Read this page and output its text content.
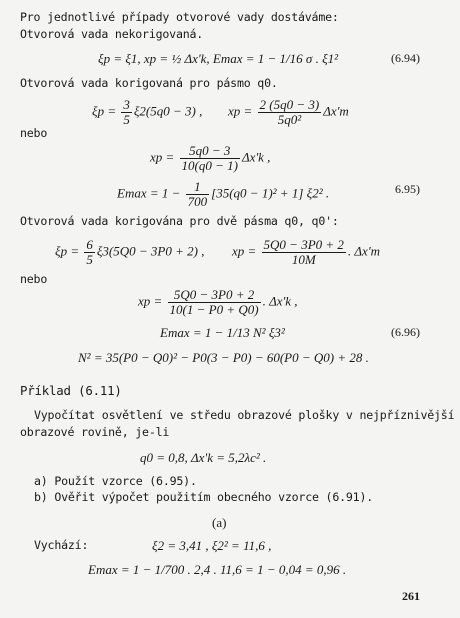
Pro jednotlivé případy otvorové vady dostáváme:
Otvorová vada nekorigovaná.
ξp = ξ1, xp = ½ Δx'k, Emax = 1 − 1/16 σ . ξ1²	(6.94)
Otvorová vada korigovaná pro pásmo q0.
$\xi p = \frac{3}{5} \xi 2(5q0 - 3)$ , xp = $\frac{2 (5q0 - 3)}{\text{5q0²}} \Delta x'm$
nebo
xp = $\frac{5q0 - 3}{10(q0 - 1)} \Delta x'k$ ,
$Emax = 1 - \frac{1}{700} [35(q0 - 1)^2 + 1]$ ξ2² .	6.95)
Otvorová vada korigována pro dvě pásma q0, q0':
$\xi p = \frac{6}{5} \xi 3(5Q0 - 3P0 + 2)$ , xp = $\frac{5Q0 - 3P0 + 2}{10M}$ . Δx'm
nebo
xp = $\frac{5Q0 - 3P0 + 2}{10(1 - P0 + Q0)}$ . Δx'k ,
Emax = 1 − 1/13 N² ξ3²	(6.96)
N² = 35(P0 − Q0)² − P0(3 − P0) − 60(P0 − Q0) + 28 .
Příklad (6.11)
Vypočítat osvětlení ve středu obrazové plošky v nejpříznivější
obrazové rovině, je-li
q0 = 0,8, Δx'k = 5,2λc² .
a) Použít vzorce (6.95).
b) Ověřit výpočet použitím obecného vzorce (6.91).
(a)
Vychází:	ξ2 = 3,41 , ξ2² = 11,6 ,
Emax = 1 − 1/700 . 2,4 . 11,6 = 1 − 0,04 = 0,96 .
261
